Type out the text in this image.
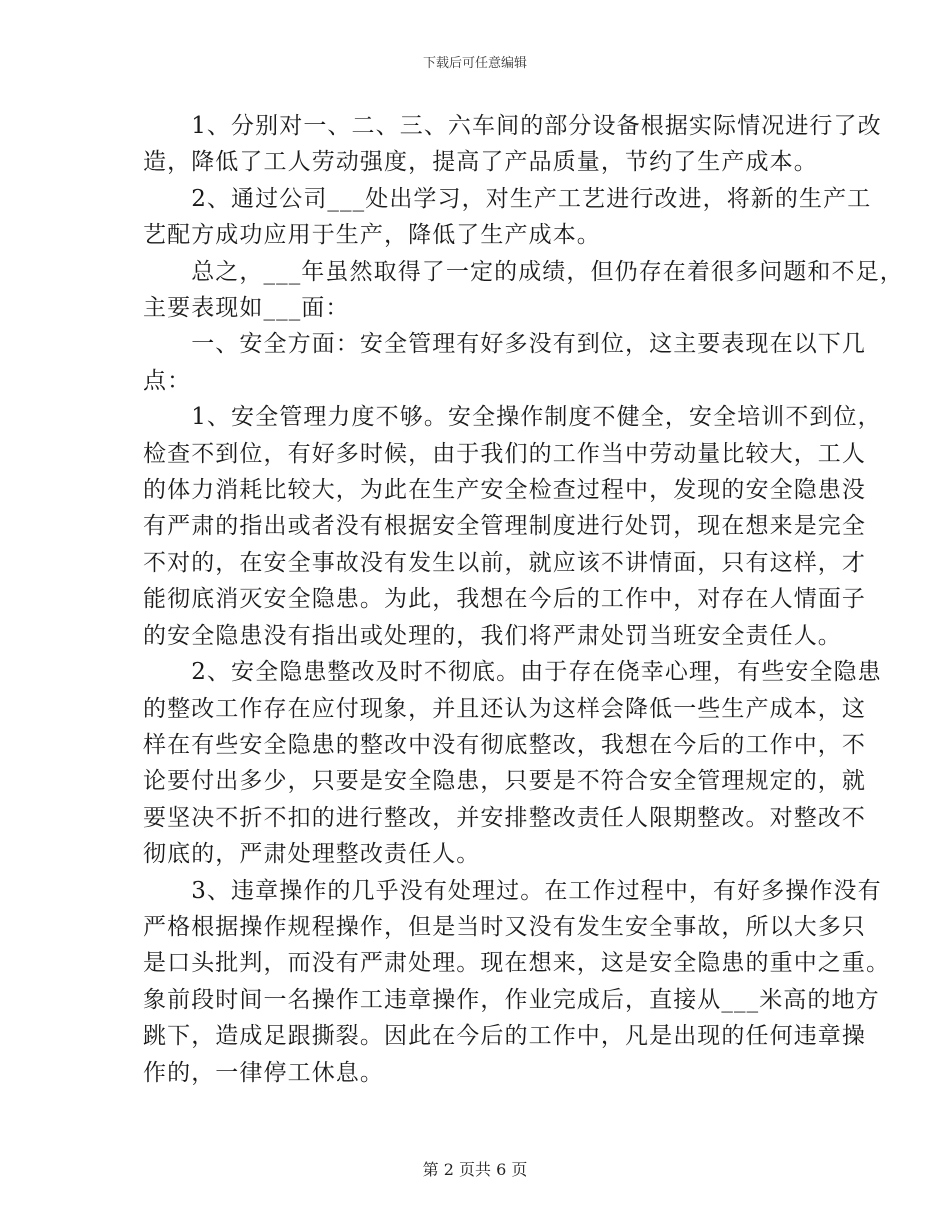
下载后可任意编辑

　　1、分别对一、二、三、六车间的部分设备根据实际情况进行了改
造，降低了工人劳动强度，提高了产品质量，节约了生产成本。

　　2、通过公司___处出学习，对生产工艺进行改进，将新的生产工
艺配方成功应用于生产，降低了生产成本。

　　总之，___年虽然取得了一定的成绩，但仍存在着很多问题和不足，
主要表现如___面：

　　一、安全方面：安全管理有好多没有到位，这主要表现在以下几
点：

　　1、安全管理力度不够。安全操作制度不健全，安全培训不到位，
检查不到位，有好多时候，由于我们的工作当中劳动量比较大，工人
的体力消耗比较大，为此在生产安全检查过程中，发现的安全隐患没
有严肃的指出或者没有根据安全管理制度进行处罚，现在想来是完全
不对的，在安全事故没有发生以前，就应该不讲情面，只有这样，才
能彻底消灭安全隐患。为此，我想在今后的工作中，对存在人情面子
的安全隐患没有指出或处理的，我们将严肃处罚当班安全责任人。

　　2、安全隐患整改及时不彻底。由于存在侥幸心理，有些安全隐患
的整改工作存在应付现象，并且还认为这样会降低一些生产成本，这
样在有些安全隐患的整改中没有彻底整改，我想在今后的工作中，不
论要付出多少，只要是安全隐患，只要是不符合安全管理规定的，就
要坚决不折不扣的进行整改，并安排整改责任人限期整改。对整改不
彻底的，严肃处理整改责任人。

　　3、违章操作的几乎没有处理过。在工作过程中，有好多操作没有
严格根据操作规程操作，但是当时又没有发生安全事故，所以大多只
是口头批判，而没有严肃处理。现在想来，这是安全隐患的重中之重。
象前段时间一名操作工违章操作，作业完成后，直接从___米高的地方
跳下，造成足跟撕裂。因此在今后的工作中，凡是出现的任何违章操
作的，一律停工休息。

第 2 页共 6 页
